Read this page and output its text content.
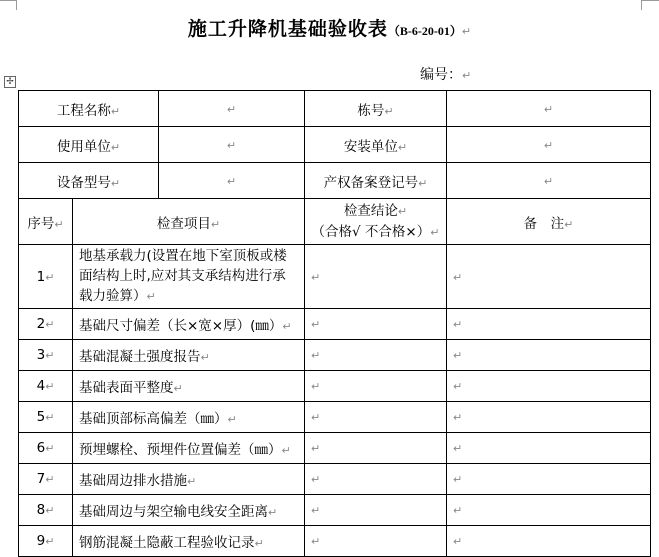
施工升降机基础验收表（B-6-20-01）↵
编号：↵
✢
工程名称↵		↵	栋号↵	↵
使用单位↵		↵	安装单位↵	↵
设备型号↵		↵	产权备案登记号↵	↵
序号↵	检查项目↵		检查结论↵
（合格√ 不合格×）↵	备　注↵
1↵	地基承载力(设置在地下室顶板或楼面结构上时,应对其支承结构进行承载力验算）↵		↵	↵
2↵	基础尺寸偏差（长×宽×厚）(㎜）↵		↵	↵
3↵	基础混凝土强度报告↵		↵	↵
4↵	基础表面平整度↵		↵	↵
5↵	基础顶部标高偏差（㎜）↵		↵	↵
6↵	预埋螺栓、预埋件位置偏差（㎜）↵		↵	↵
7↵	基础周边排水措施↵		↵	↵
8↵	基础周边与架空输电线安全距离↵		↵	↵
9↵	钢筋混凝土隐蔽工程验收记录↵		↵	↵
